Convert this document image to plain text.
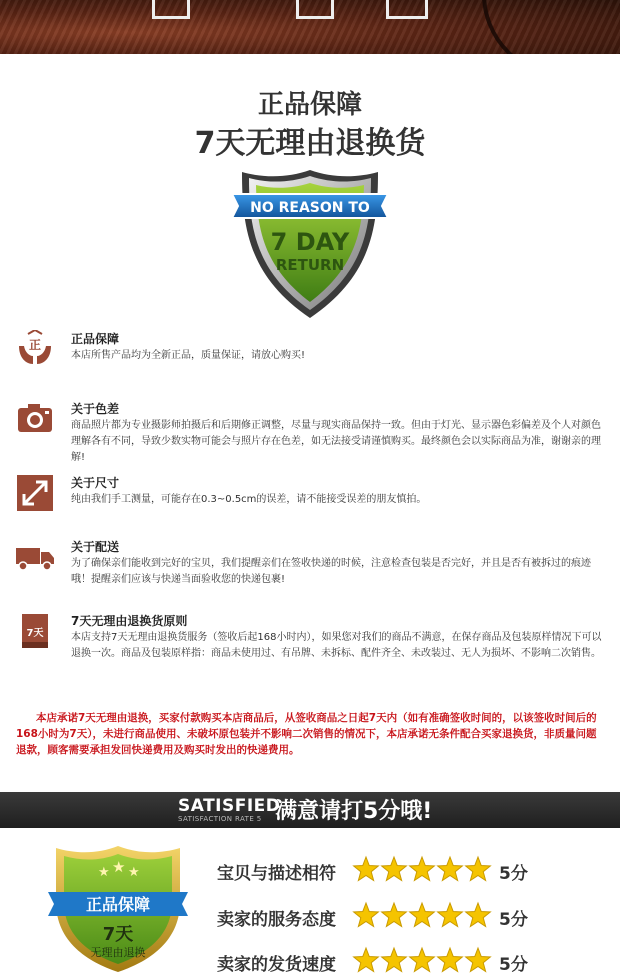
正品保障
7天无理由退换货
NO REASON TO
7 DAY
RETURN
正 正品保障
本店所售产品均为全新正品，质量保证，请放心购买!
关于色差
商品照片都为专业摄影师拍摄后和后期修正调整，尽量与现实商品保持一致。但由于灯光、显示器色彩偏差及个人对颜色理解各有不同，导致少数实物可能会与照片存在色差，如无法接受请谨慎购买。最终颜色会以实际商品为准，谢谢亲的理解!
关于尺寸
纯由我们手工测量，可能存在0.3~0.5cm的误差，请不能接受误差的朋友慎拍。
关于配送
为了确保亲们能收到完好的宝贝，我们提醒亲们在签收快递的时候，注意检查包装是否完好，并且是否有被拆过的痕迹哦！提醒亲们应该与快递当面验收您的快递包裹!
7天
7天无理由退换货原则
本店支持7天无理由退换货服务（签收后起168小时内），如果您对我们的商品不满意，在保存商品及包装原样情况下可以退换一次。商品及包装原样指：商品未使用过、有吊牌、未拆标、配件齐全、未改装过、无人为损坏、不影响二次销售。
本店承诺7天无理由退换，买家付款购买本店商品后，从签收商品之日起7天内（如有准确签收时间的，以该签收时间后的168小时为7天），未进行商品使用、未破坏原包装并不影响二次销售的情况下，本店承诺无条件配合买家退换货，非质量问题退款，顾客需要承担发回快递费用及购买时发出的快递费用。
SATISFIED
SATISFACTION RATE 5 满意请打5分哦!
★ ★ ★
正品保障
7天
无理由退换
宝贝与描述相符	5分
卖家的服务态度	5分
卖家的发货速度	5分
